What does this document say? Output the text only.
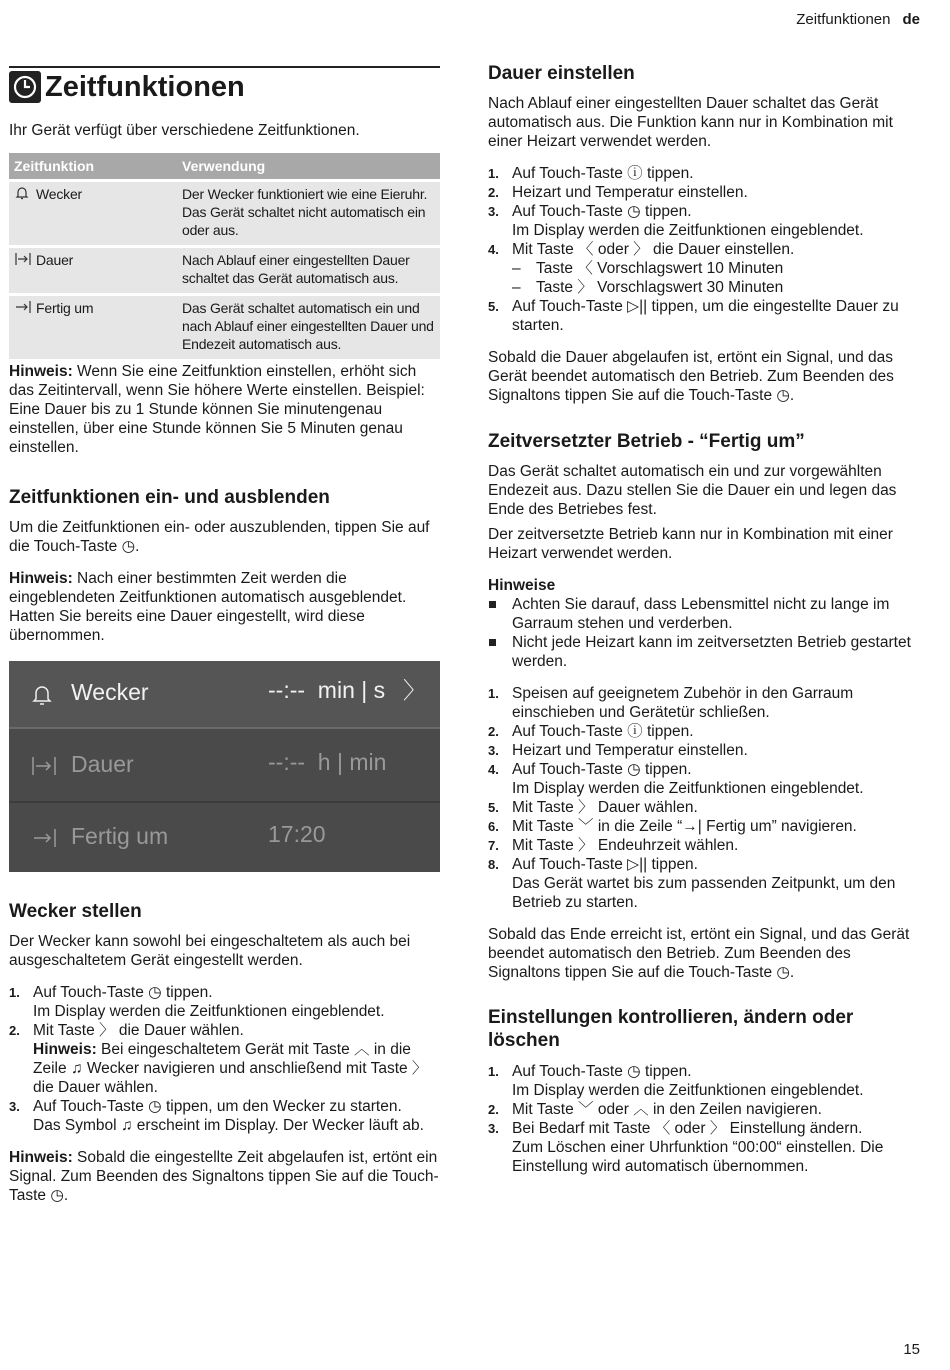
Zeitfunktionen de
Zeitfunktionen

Ihr Gerät verfügt über verschiedene Zeitfunktionen.

Zeitfunktion	Verwendung
Wecker	Der Wecker funktioniert wie eine Eieruhr. Das Gerät schaltet nicht automatisch ein oder aus.
Dauer	Nach Ablauf einer eingestellten Dauer schaltet das Gerät automatisch aus.
Fertig um	Das Gerät schaltet automatisch ein und nach Ablauf einer eingestellten Dauer und Endezeit automatisch aus.

Hinweis: Wenn Sie eine Zeitfunktion einstellen, erhöht sich das Zeitintervall, wenn Sie höhere Werte einstellen. Beispiel: Eine Dauer bis zu 1 Stunde können Sie minutengenau einstellen, über eine Stunde können Sie 5 Minuten genau einstellen.

Zeitfunktionen ein- und ausblenden

Um die Zeitfunktionen ein- oder auszublenden, tippen Sie auf die Touch-Taste ◷.

Hinweis: Nach einer bestimmten Zeit werden die eingeblendeten Zeitfunktionen automatisch ausgeblendet. Hatten Sie bereits eine Dauer eingestellt, wird diese übernommen.

Wecker	--:--  min | s 〉
Dauer	--:--  h | min
Fertig um	17:20
Wecker stellen

Der Wecker kann sowohl bei eingeschaltetem als auch bei ausgeschaltetem Gerät eingestellt werden.

1. Auf Touch-Taste ◷ tippen.
Im Display werden die Zeitfunktionen eingeblendet.
2. Mit Taste 〉 die Dauer wählen.
Hinweis: Bei eingeschaltetem Gerät mit Taste ︿ in die Zeile ♫ Wecker navigieren und anschließend mit Taste 〉 die Dauer wählen.
3. Auf Touch-Taste ◷ tippen, um den Wecker zu starten.
Das Symbol ♫ erscheint im Display. Der Wecker läuft ab.

Hinweis: Sobald die eingestellte Zeit abgelaufen ist, ertönt ein Signal. Zum Beenden des Signaltons tippen Sie auf die Touch-Taste ◷.

Dauer einstellen

Nach Ablauf einer eingestellten Dauer schaltet das Gerät automatisch aus. Die Funktion kann nur in Kombination mit einer Heizart verwendet werden.

1. Auf Touch-Taste ⓘ tippen.
2. Heizart und Temperatur einstellen.
3. Auf Touch-Taste ◷ tippen.
Im Display werden die Zeitfunktionen eingeblendet.
4. Mit Taste 〈 oder 〉 die Dauer einstellen.
– Taste 〈 Vorschlagswert 10 Minuten
– Taste 〉 Vorschlagswert 30 Minuten
5. Auf Touch-Taste ▷|| tippen, um die eingestellte Dauer zu starten.

Sobald die Dauer abgelaufen ist, ertönt ein Signal, und das Gerät beendet automatisch den Betrieb. Zum Beenden des Signaltons tippen Sie auf die Touch-Taste ◷.

Zeitversetzter Betrieb - “Fertig um”

Das Gerät schaltet automatisch ein und zur vorgewählten Endezeit aus. Dazu stellen Sie die Dauer ein und legen das Ende des Betriebes fest.

Der zeitversetzte Betrieb kann nur in Kombination mit einer Heizart verwendet werden.

Hinweise

Achten Sie darauf, dass Lebensmittel nicht zu lange im Garraum stehen und verderben.
Nicht jede Heizart kann im zeitversetzten Betrieb gestartet werden.
1. Speisen auf geeignetem Zubehör in den Garraum einschieben und Gerätetür schließen.
2. Auf Touch-Taste ⓘ tippen.
3. Heizart und Temperatur einstellen.
4. Auf Touch-Taste ◷ tippen.
Im Display werden die Zeitfunktionen eingeblendet.
5. Mit Taste 〉 Dauer wählen.
6. Mit Taste ﹀ in die Zeile “→| Fertig um” navigieren.
7. Mit Taste 〉 Endeuhrzeit wählen.
8. Auf Touch-Taste ▷|| tippen.
Das Gerät wartet bis zum passenden Zeitpunkt, um den Betrieb zu starten.

Sobald das Ende erreicht ist, ertönt ein Signal, und das Gerät beendet automatisch den Betrieb. Zum Beenden des Signaltons tippen Sie auf die Touch-Taste ◷.

Einstellungen kontrollieren, ändern oder löschen
1. Auf Touch-Taste ◷ tippen.
Im Display werden die Zeitfunktionen eingeblendet.
2. Mit Taste ﹀ oder ︿ in den Zeilen navigieren.
3. Bei Bedarf mit Taste 〈 oder 〉 Einstellung ändern.
Zum Löschen einer Uhrfunktion “00:00“ einstellen. Die Einstellung wird automatisch übernommen.
15
